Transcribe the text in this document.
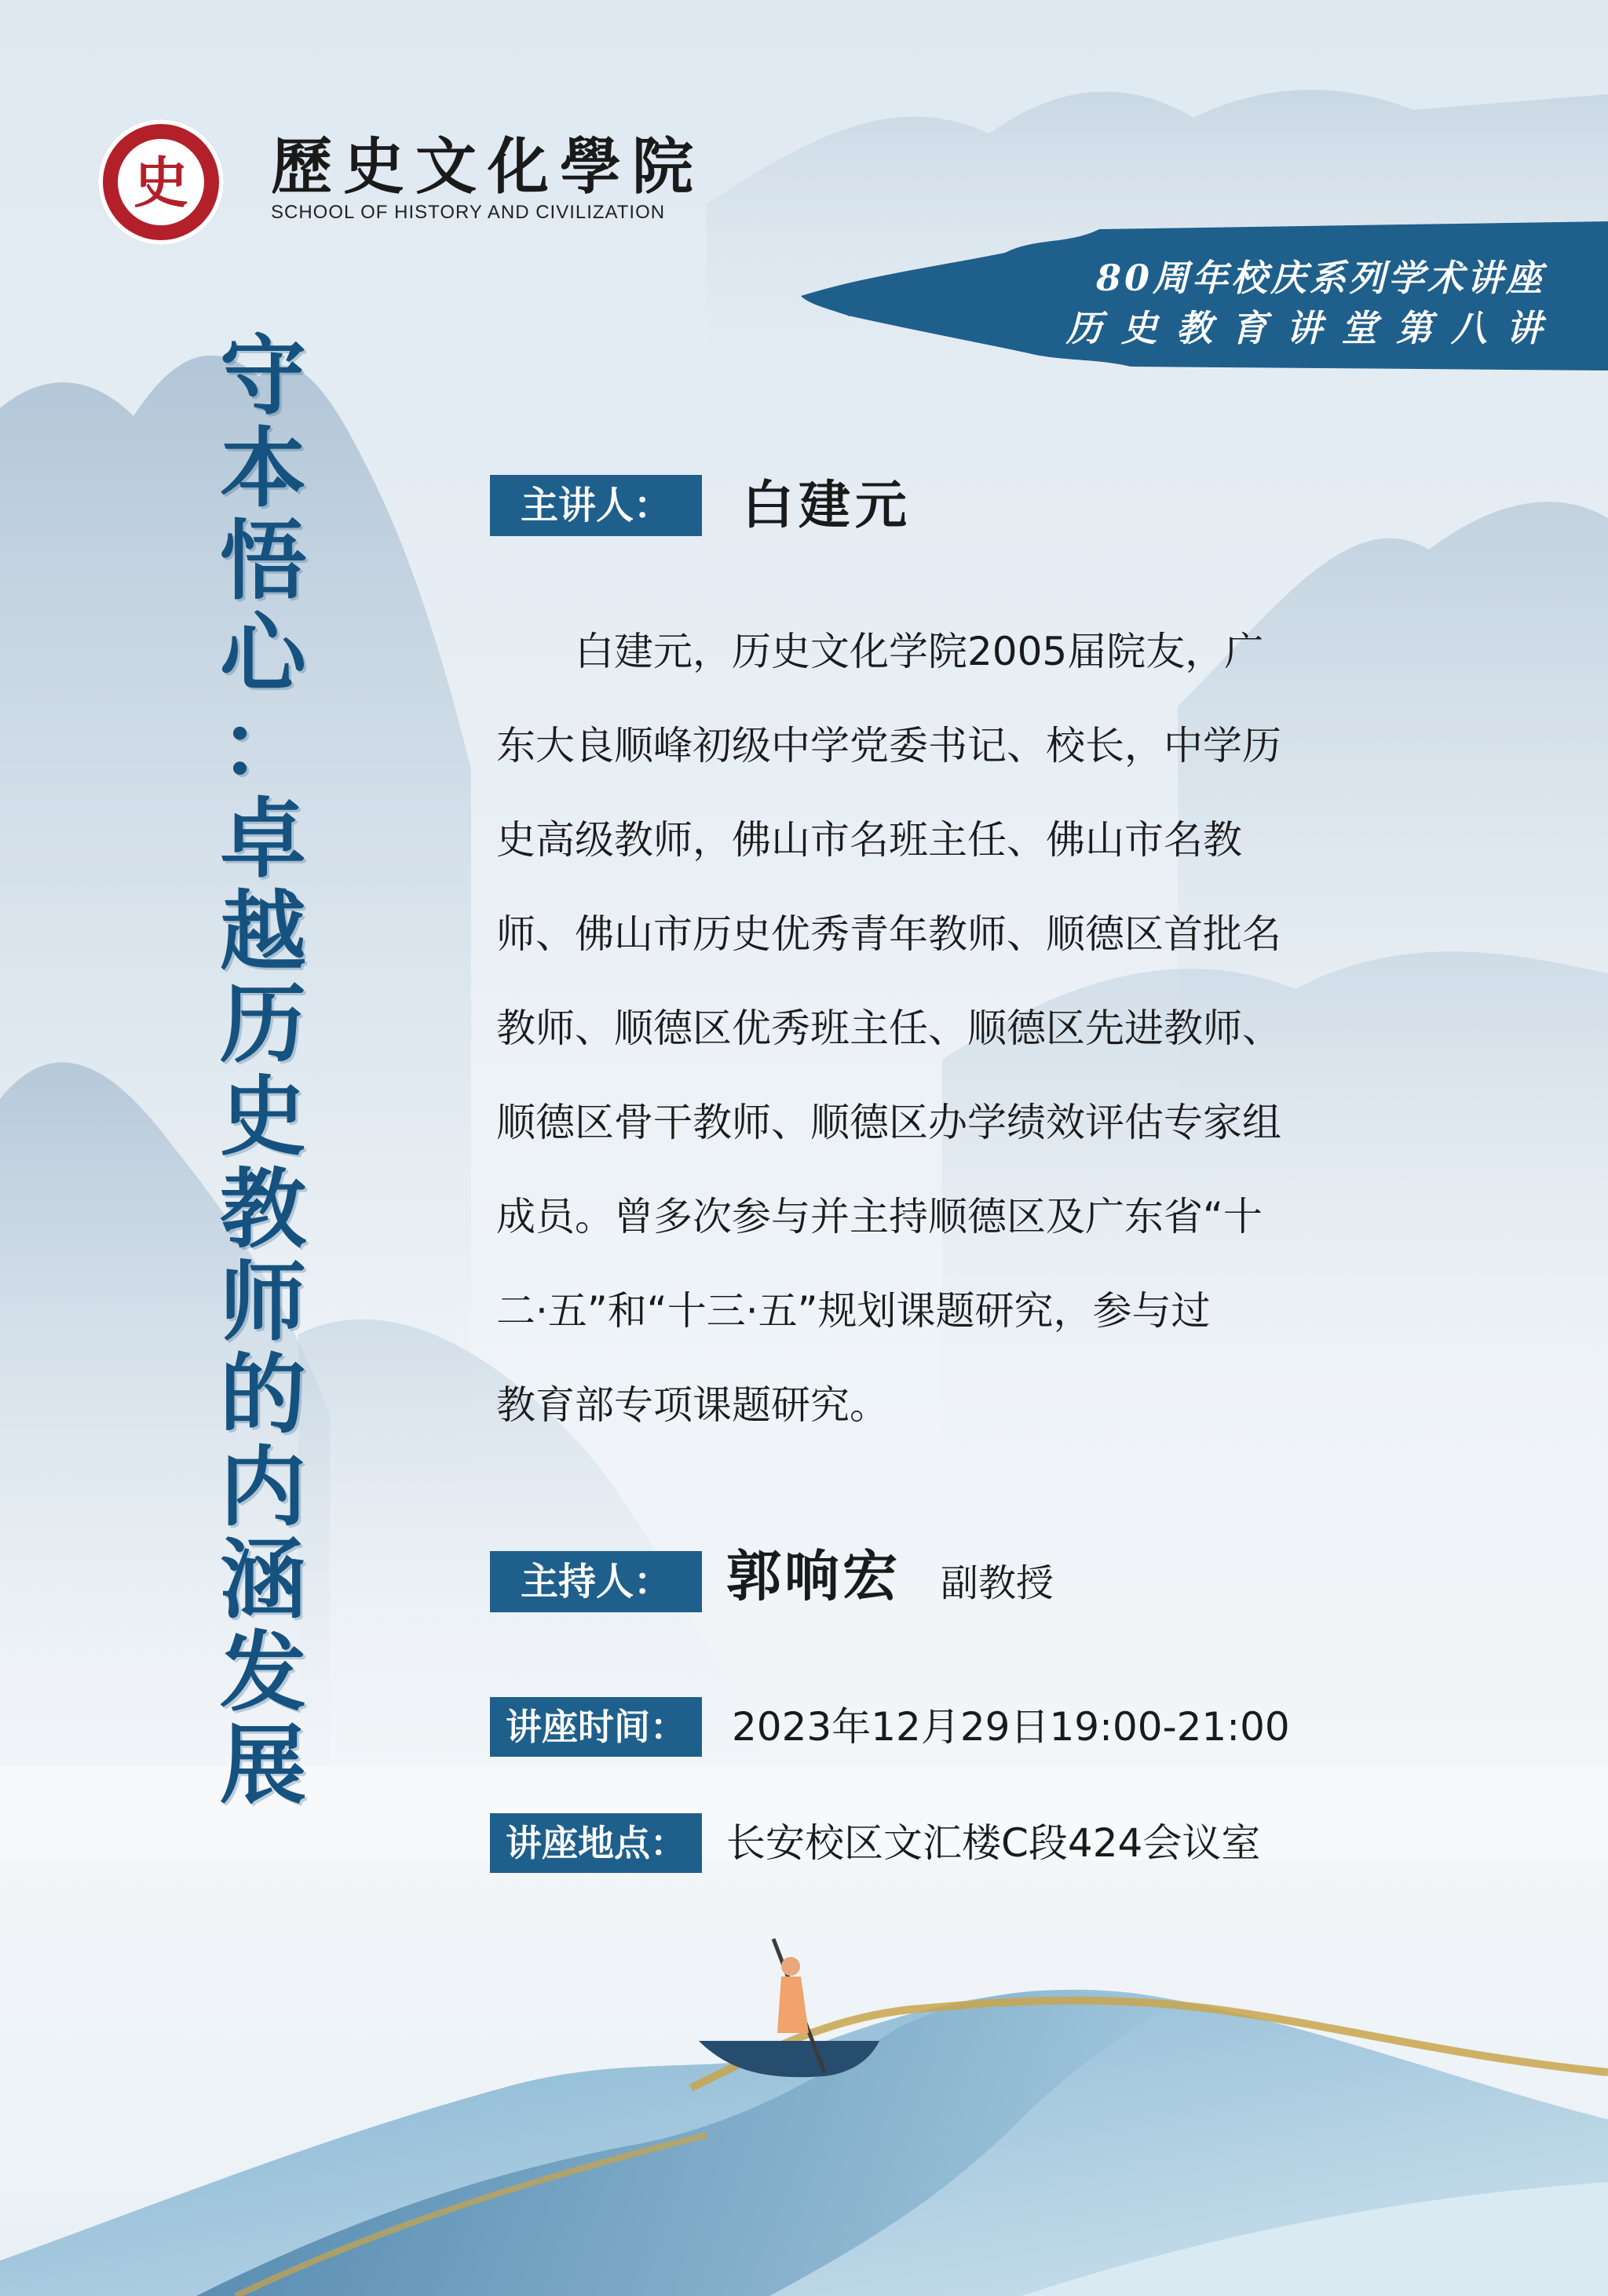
史 歷史文化學院
SCHOOL OF HISTORY AND CIVILIZATION
80周年校庆系列学术讲座
历 史 教 育 讲 堂 第 八 讲
守
本
悟
心
：
卓
越
历
史
教
师
的
内
涵
发
展
主讲人：	白建元
　　白建元，历史文化学院2005届院友，广
东大良顺峰初级中学党委书记、校长，中学历
史高级教师，佛山市名班主任、佛山市名教
师、佛山市历史优秀青年教师、顺德区首批名
教师、顺德区优秀班主任、顺德区先进教师、
顺德区骨干教师、顺德区办学绩效评估专家组
成员。曾多次参与并主持顺德区及广东省“十
二·五”和“十三·五”规划课题研究，参与过
教育部专项课题研究。
主持人：	郭响宏 副教授
讲座时间：	2023年12月29日19:00-21:00
讲座地点：	长安校区文汇楼C段424会议室
